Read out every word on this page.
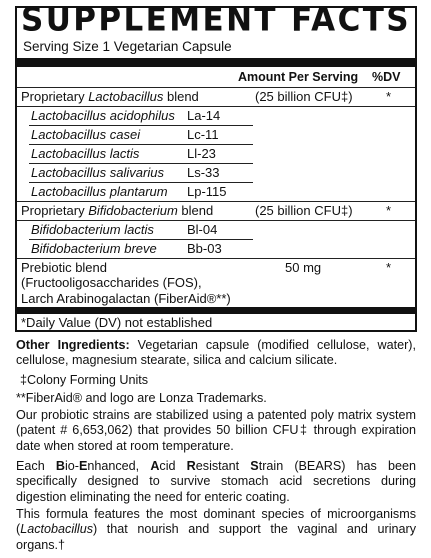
SUPPLEMENT FACTS
Serving Size 1 Vegetarian Capsule
Amount Per Serving %DV
Proprietary Lactobacillus blend	(25 billion CFU‡)	*
Lactobacillus acidophilus La-14
Lactobacillus casei	Lc-11
Lactobacillus lactis	Ll-23
Lactobacillus salivarius Ls-33
Lactobacillus plantarum Lp-115
Proprietary Bifidobacterium blend	(25 billion CFU‡)	*
Bifidobacterium lactis	Bl-04
Bifidobacterium breve Bb-03
Prebiotic blend	50 mg	*
(Fructooligosaccharides (FOS),
Larch Arabinogalactan (FiberAid®**)
*Daily Value (DV) not established

Other Ingredients: Vegetarian capsule (modified cellulose, water), cellulose, magnesium stearate, silica and calcium silicate.

‡Colony Forming Units
**FiberAid® and logo are Lonza Trademarks.

Our probiotic strains are stabilized using a patented poly matrix system (patent # 6,653,062) that provides 50 billion CFU‡ through expiration date when stored at room temperature.

Each Bio-Enhanced, Acid Resistant Strain (BEARS) has been specifically designed to survive stomach acid secretions during digestion eliminating the need for enteric coating.

This formula features the most dominant species of microorganisms (Lactobacillus) that nourish and support the vaginal and urinary organs.†
